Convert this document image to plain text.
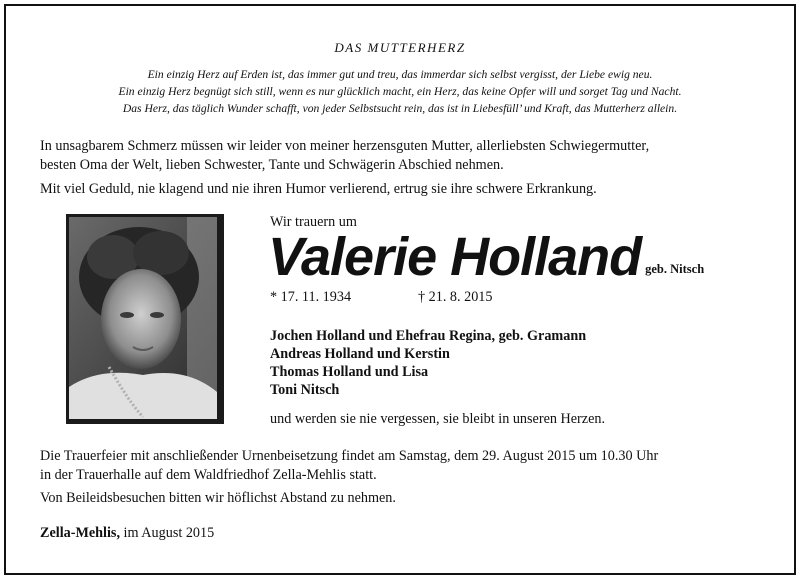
DAS MUTTERHERZ

Ein einzig Herz auf Erden ist, das immer gut und treu, das immerdar sich selbst vergisst, der Liebe ewig neu.
Ein einzig Herz begnügt sich still, wenn es nur glücklich macht, ein Herz, das keine Opfer will und sorget Tag und Nacht.
Das Herz, das täglich Wunder schafft, von jeder Selbstsucht rein, das ist in Liebesfüll’ und Kraft, das Mutterherz allein.

In unsagbarem Schmerz müssen wir leider von meiner herzensguten Mutter, allerliebsten Schwiegermutter,

besten Oma der Welt, lieben Schwester, Tante und Schwägerin Abschied nehmen.

Mit viel Geduld, nie klagend und nie ihren Humor verlierend, ertrug sie ihre schwere Erkrankung.

Wir trauern um

Valerie Holland geb. Nitsch
* 17. 11. 1934	† 21. 8. 2015
Jochen Holland und Ehefrau Regina, geb. Gramann
Andreas Holland und Kerstin
Thomas Holland und Lisa
Toni Nitsch

und werden sie nie vergessen, sie bleibt in unseren Herzen.

Die Trauerfeier mit anschließender Urnenbeisetzung findet am Samstag, dem 29. August 2015 um 10.30 Uhr

in der Trauerhalle auf dem Waldfriedhof Zella-Mehlis statt.

Von Beileidsbesuchen bitten wir höflichst Abstand zu nehmen.

Zella-Mehlis, im August 2015
